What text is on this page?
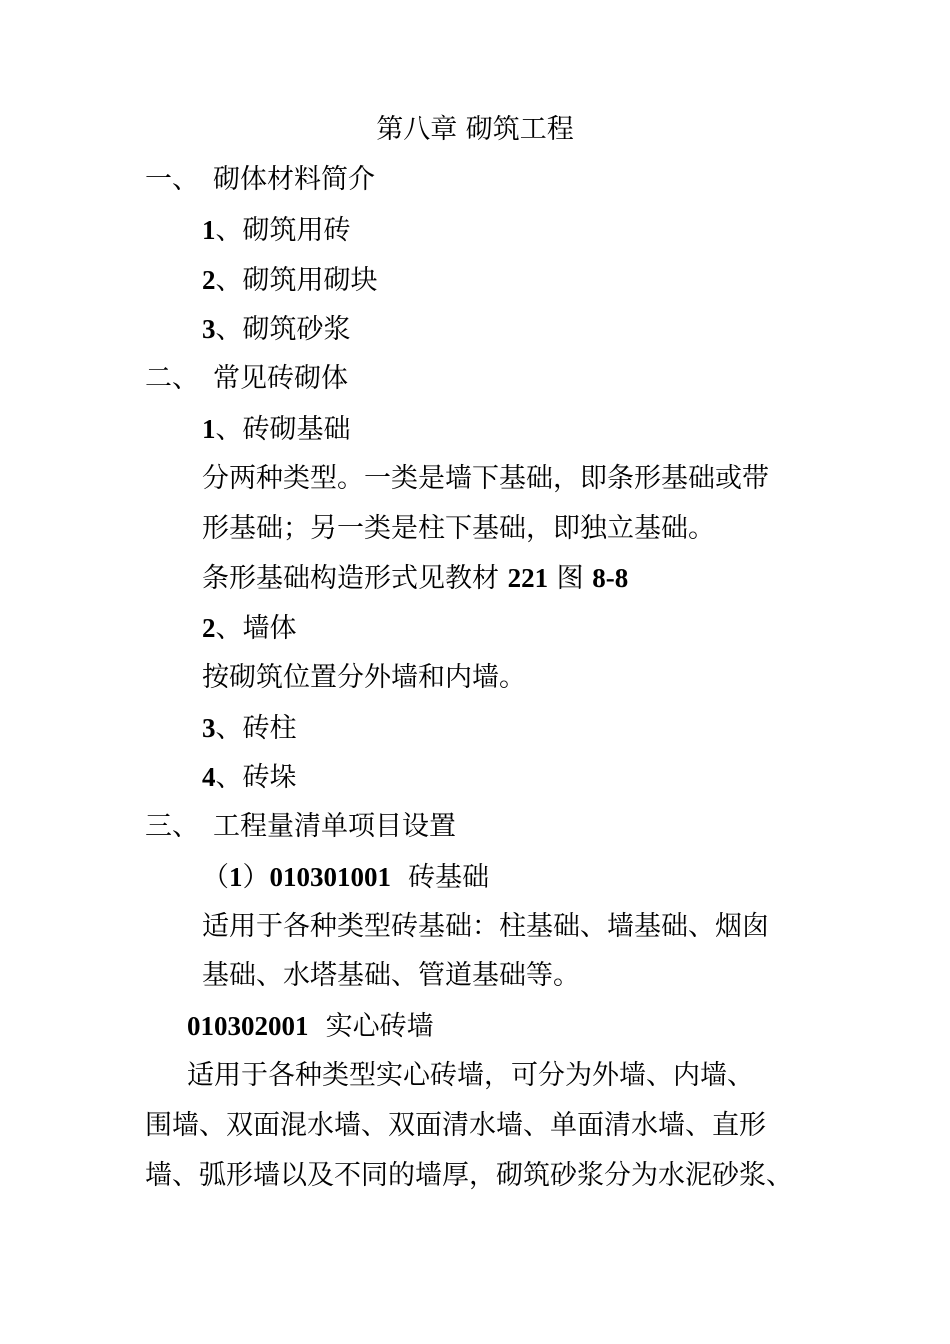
第八章 砌筑工程
一、 砌体材料简介
1、砌筑用砖
2、砌筑用砌块
3、砌筑砂浆
二、 常见砖砌体
1、砖砌基础
分两种类型。一类是墙下基础，即条形基础或带
形基础；另一类是柱下基础，即独立基础。
条形基础构造形式见教材 221 图 8-8
2、墙体
按砌筑位置分外墙和内墙。
3、砖柱
4、砖垛
三、 工程量清单项目设置
（1）010301001  砖基础
适用于各种类型砖基础：柱基础、墙基础、烟囱
基础、水塔基础、管道基础等。
010302001  实心砖墙
适用于各种类型实心砖墙，可分为外墙、内墙、
围墙、双面混水墙、双面清水墙、单面清水墙、直形
墙、弧形墙以及不同的墙厚，砌筑砂浆分为水泥砂浆、
